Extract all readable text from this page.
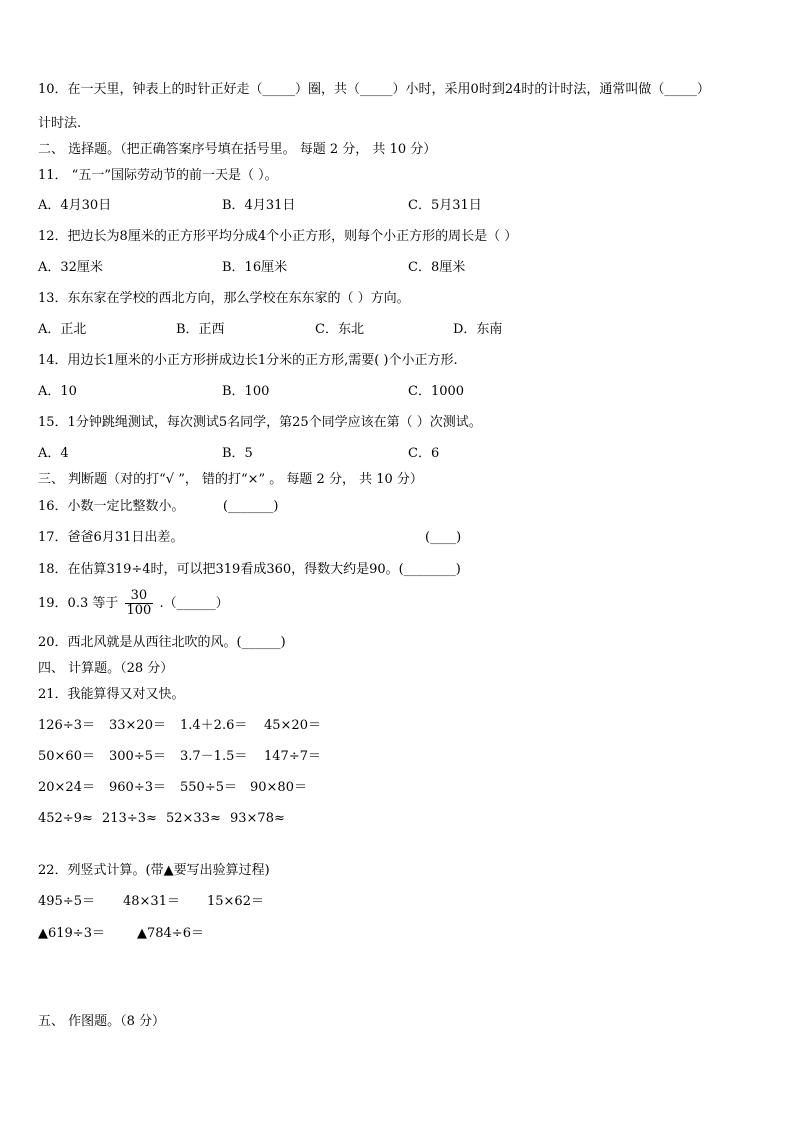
10．在一天里，钟表上的时针正好走（_____）圈，共（_____）小时，采用0时到24时的计时法，通常叫做（_____）
计时法.
二、 选择题。（把正确答案序号填在括号里。 每题 2 分， 共 10 分）
11． “五一”国际劳动节的前一天是（ ）。
A．4月30日	B．4月31日	C．5月31日
12．把边长为8厘米的正方形平均分成4个小正方形，则每个小正方形的周长是（ ）
A．32厘米	B．16厘米	C．8厘米
13．东东家在学校的西北方向，那么学校在东东家的（ ）方向。
A．正北	B．正西	C．东北	D．东南
14．用边长1厘米的小正方形拼成边长1分米的正方形,需要( )个小正方形.
A．10	B．100	C．1000
15．1分钟跳绳测试，每次测试5名同学，第25个同学应该在第（ ）次测试。
A．4	B．5	C．6
三、 判断题（对的打“√ ”， 错的打“×” 。 每题 2 分， 共 10 分）
16．小数一定比整数小。	(_______)
17．爸爸6月31日出差。	(____)
18．在估算319÷4时，可以把319看成360，得数大约是90。(________)
19．0.3 等于 $\frac{30}{100}$ .（______）
20．西北风就是从西往北吹的风。(______)
四、 计算题。（28 分）
21．我能算得又对又快。
126÷3＝ 33×20＝ 1.4＋2.6＝ 45×20＝
50×60＝ 300÷5＝ 3.7－1.5＝ 147÷7＝
20×24＝ 960÷3＝ 550÷5＝ 90×80＝
452÷9≈ 213÷3≈ 52×33≈ 93×78≈
22．列竖式计算。(带▲要写出验算过程)
495÷5＝ 48×31＝ 15×62＝
▲619÷3＝ ▲784÷6＝
五、 作图题。（8 分）
